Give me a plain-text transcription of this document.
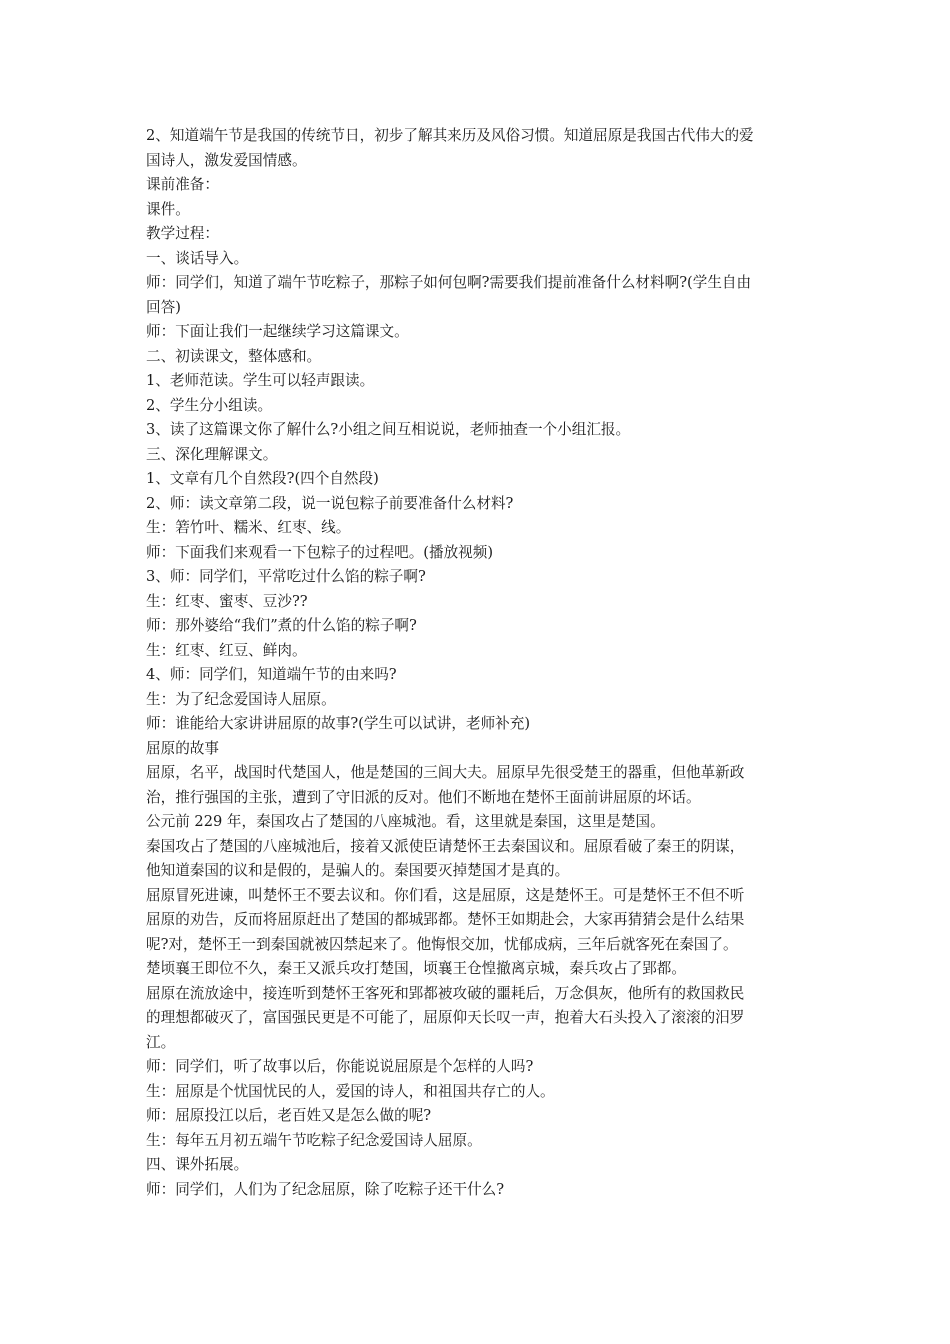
2、知道端午节是我国的传统节日，初步了解其来历及风俗习惯。知道屈原是我国古代伟大的爱
国诗人，激发爱国情感。
课前准备：
课件。
教学过程：
一、谈话导入。
师：同学们，知道了端午节吃粽子，那粽子如何包啊?需要我们提前准备什么材料啊?(学生自由
回答)
师：下面让我们一起继续学习这篇课文。
二、初读课文，整体感和。
1、老师范读。学生可以轻声跟读。
2、学生分小组读。
3、读了这篇课文你了解什么?小组之间互相说说，老师抽查一个小组汇报。
三、深化理解课文。
1、文章有几个自然段?(四个自然段)
2、师：读文章第二段，说一说包粽子前要准备什么材料?
生：箬竹叶、糯米、红枣、线。
师：下面我们来观看一下包粽子的过程吧。(播放视频)
3、师：同学们，平常吃过什么馅的粽子啊?
生：红枣、蜜枣、豆沙??
师：那外婆给“我们”煮的什么馅的粽子啊?
生：红枣、红豆、鲜肉。
4、师：同学们，知道端午节的由来吗?
生：为了纪念爱国诗人屈原。
师：谁能给大家讲讲屈原的故事?(学生可以试讲，老师补充)
屈原的故事
屈原，名平，战国时代楚国人，他是楚国的三闾大夫。屈原早先很受楚王的器重，但他革新政
治，推行强国的主张，遭到了守旧派的反对。他们不断地在楚怀王面前讲屈原的坏话。
公元前 229 年，秦国攻占了楚国的八座城池。看，这里就是秦国，这里是楚国。
秦国攻占了楚国的八座城池后，接着又派使臣请楚怀王去秦国议和。屈原看破了秦王的阴谋，
他知道秦国的议和是假的，是骗人的。秦国要灭掉楚国才是真的。
屈原冒死进谏，叫楚怀王不要去议和。你们看，这是屈原，这是楚怀王。可是楚怀王不但不听
屈原的劝告，反而将屈原赶出了楚国的都城郢都。楚怀王如期赴会，大家再猜猜会是什么结果
呢?对，楚怀王一到秦国就被囚禁起来了。他悔恨交加，忧郁成病，三年后就客死在秦国了。
楚顷襄王即位不久，秦王又派兵攻打楚国，顷襄王仓惶撤离京城，秦兵攻占了郢都。
屈原在流放途中，接连听到楚怀王客死和郢都被攻破的噩耗后，万念俱灰，他所有的救国救民
的理想都破灭了，富国强民更是不可能了，屈原仰天长叹一声，抱着大石头投入了滚滚的汨罗
江。
师：同学们，听了故事以后，你能说说屈原是个怎样的人吗?
生：屈原是个忧国忧民的人，爱国的诗人，和祖国共存亡的人。
师：屈原投江以后，老百姓又是怎么做的呢?
生：每年五月初五端午节吃粽子纪念爱国诗人屈原。
四、课外拓展。
师：同学们，人们为了纪念屈原，除了吃粽子还干什么?
